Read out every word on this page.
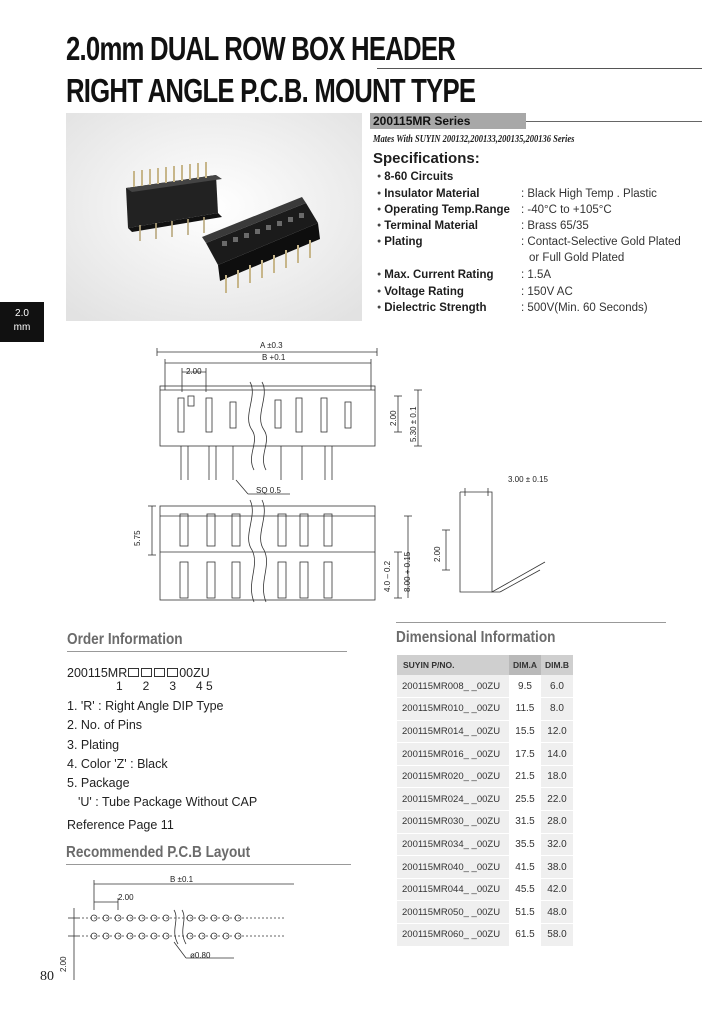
2.0mm DUAL ROW BOX HEADER
RIGHT ANGLE P.C.B. MOUNT TYPE
2.0
mm
200115MR Series
Mates With SUYIN 200132,200133,200135,200136 Series
Specifications:
● 8-60 Circuits
● Insulator Material	: Black High Temp . Plastic
● Operating Temp.Range : -40°C to +105°C
● Terminal Material	: Brass 65/35
● Plating	: Contact-Selective Gold Plated
or Full Gold Plated
● Max. Current Rating : 1.5A
● Voltage Rating	: 150V AC
● Dielectric Strength	: 500V(Min. 60 Seconds)
A ±0.3
B +0.1
2.00
SQ 0.5
3.00 ± 0.15
2.00 5.30 ± 0.1
5.75
4.0 – 0.2 8.00 + 0.15	2.00
Order Information
200115MR	00ZU
1      2      3      4 5
1. 'R' : Right Angle DIP Type
2. No. of Pins
3. Plating
4. Color 'Z' : Black
5. Package
'U' : Tube Package Without CAP
Reference Page 11
Recommended P.C.B Layout
B ±0.1
2.00
ø0.80
2.00
80
Dimensional Information
SUYIN P/NO.	DIM.A	DIM.B
200115MR008_ _00ZU	9.5	6.0
200115MR010_ _00ZU	11.5	8.0
200115MR014_ _00ZU	15.5	12.0
200115MR016_ _00ZU	17.5	14.0
200115MR020_ _00ZU	21.5	18.0
200115MR024_ _00ZU	25.5	22.0
200115MR030_ _00ZU	31.5	28.0
200115MR034_ _00ZU	35.5	32.0
200115MR040_ _00ZU	41.5	38.0
200115MR044_ _00ZU	45.5	42.0
200115MR050_ _00ZU	51.5	48.0
200115MR060_ _00ZU	61.5	58.0
